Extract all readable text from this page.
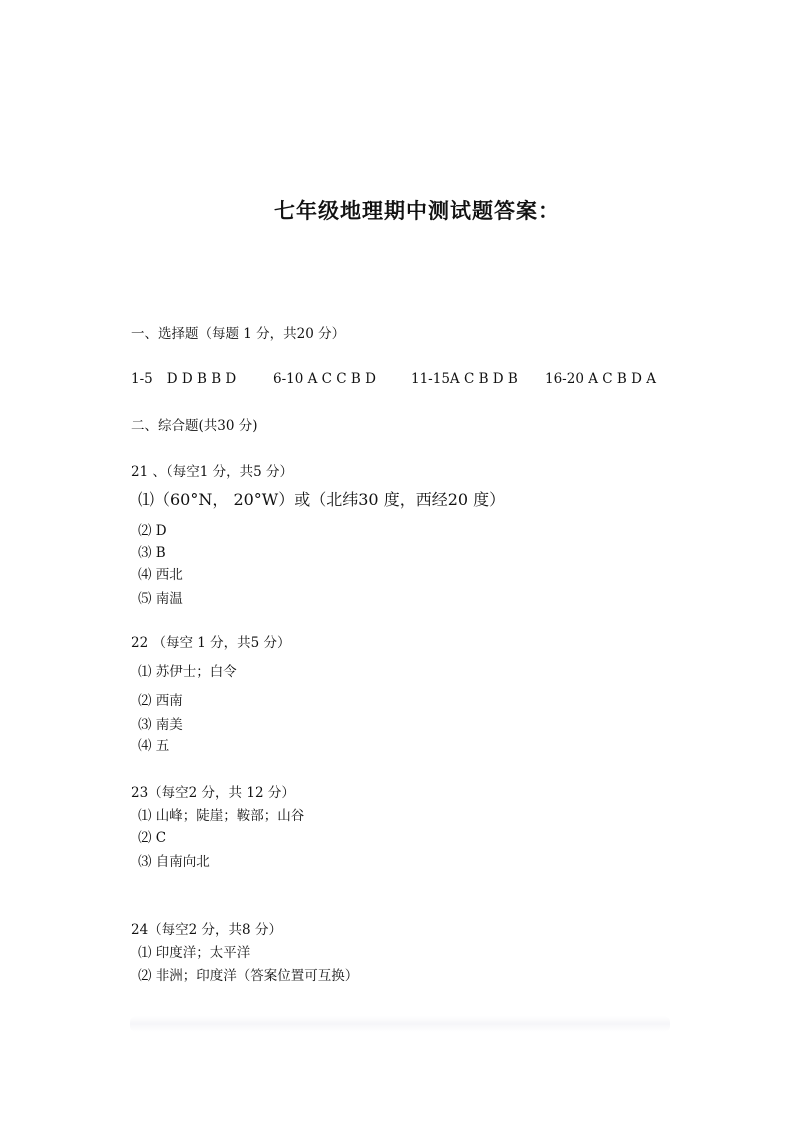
七年级地理期中测试题答案：
一、选择题（每题 1 分，共20 分）
1-5 D D B B D	6-10 A C C B D	11-15A C B D B 16-20 A C B D A
二、综合题(共30 分)
21 、（每空1 分，共5 分）
⑴（60°N， 20°W）或（北纬30 度，西经20 度）
⑵ D
⑶ B
⑷ 西北
⑸ 南温
22 （每空 1 分，共5 分）
⑴ 苏伊士；白令
⑵ 西南
⑶ 南美
⑷ 五
23（每空2 分，共 12 分）
⑴ 山峰；陡崖；鞍部；山谷
⑵ C
⑶ 自南向北
24（每空2 分，共8 分）
⑴ 印度洋；太平洋
⑵ 非洲；印度洋（答案位置可互换）
